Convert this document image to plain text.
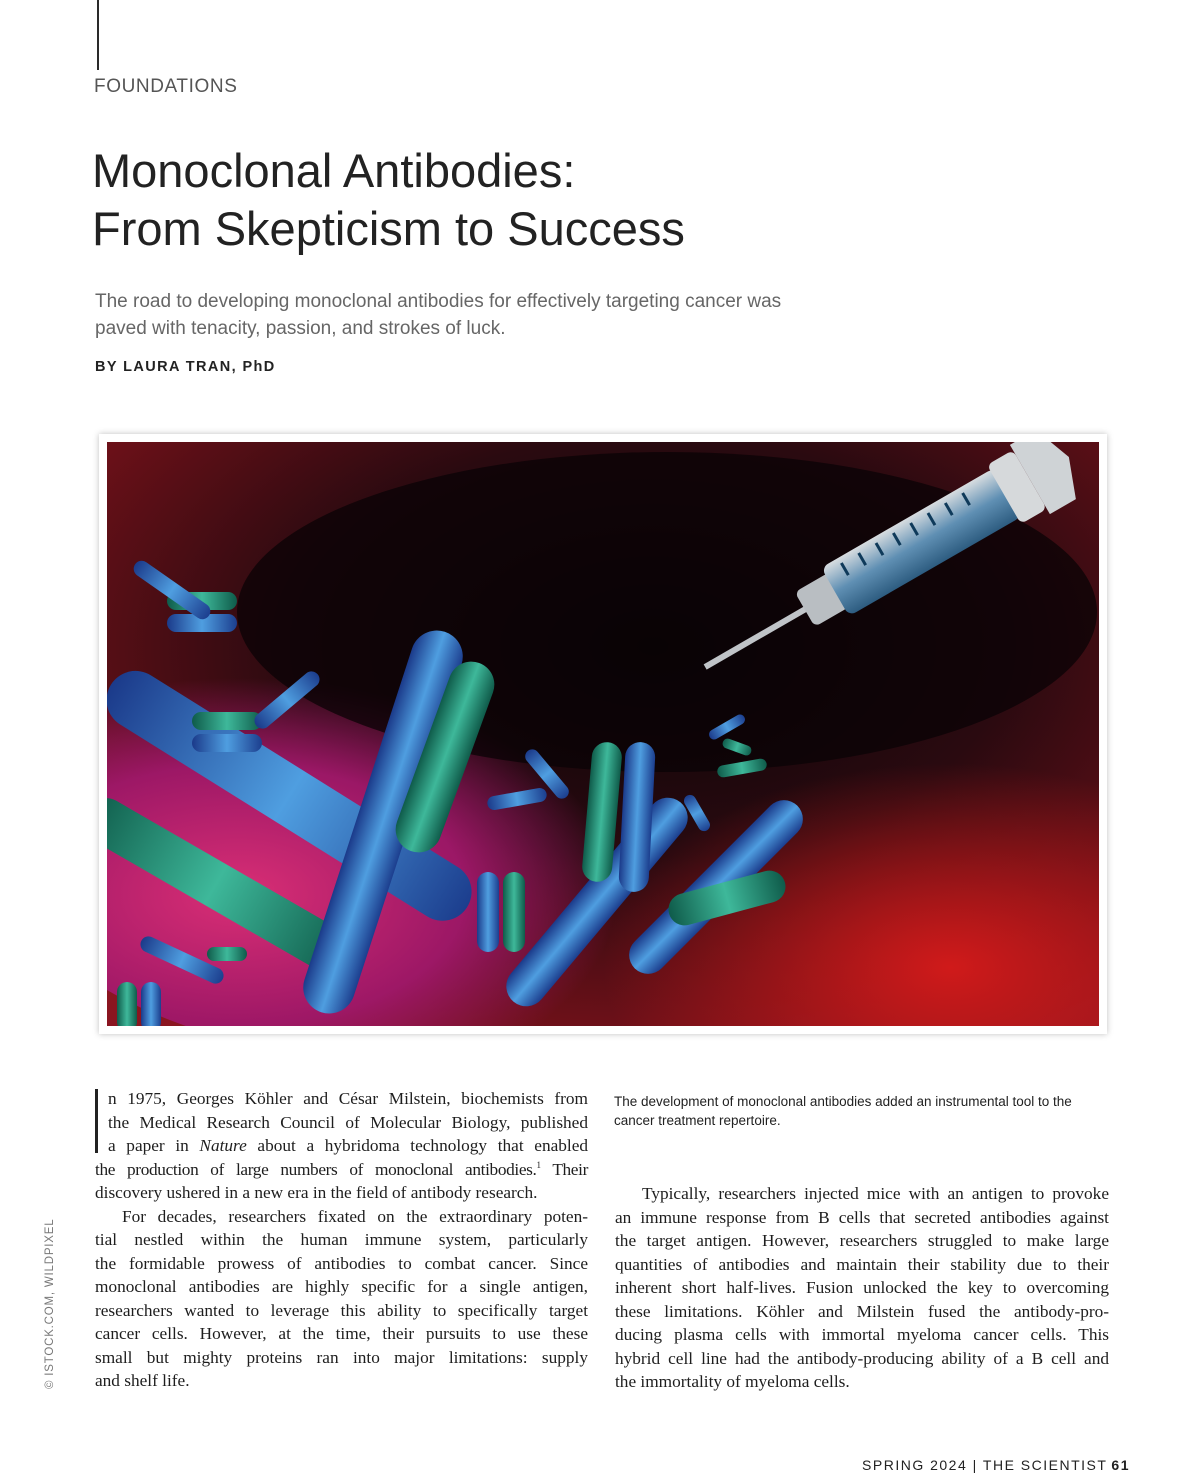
FOUNDATIONS
Monoclonal Antibodies:
From Skepticism to Success
The road to developing monoclonal antibodies for effectively targeting cancer was paved with tenacity, passion, and strokes of luck.
BY LAURA TRAN, PhD
© ISTOCK.COM, WILDPIXEL
n 1975, Georges Köhler and César Milstein, biochemists from
the Medical Research Council of Molecular Biology, published
a paper in Nature about a hybridoma technology that enabled
the production of large numbers of monoclonal antibodies.$^1$ Their
discovery ushered in a new era in the field of antibody research.
For decades, researchers fixated on the extraordinary poten-
tial nestled within the human immune system, particularly
the formidable prowess of antibodies to combat cancer. Since
monoclonal antibodies are highly specific for a single antigen,
researchers wanted to leverage this ability to specifically target
cancer cells. However, at the time, their pursuits to use these
small but mighty proteins ran into major limitations: supply
and shelf life.
The development of monoclonal antibodies added an instrumental tool to the cancer treatment repertoire.
Typically, researchers injected mice with an antigen to provoke
an immune response from B cells that secreted antibodies against
the target antigen. However, researchers struggled to make large
quantities of antibodies and maintain their stability due to their
inherent short half-lives. Fusion unlocked the key to overcoming
these limitations. Köhler and Milstein fused the antibody-pro-
ducing plasma cells with immortal myeloma cancer cells. This
hybrid cell line had the antibody-producing ability of a B cell and
the immortality of myeloma cells.
SPRING 2024 | THE SCIENTIST 61
